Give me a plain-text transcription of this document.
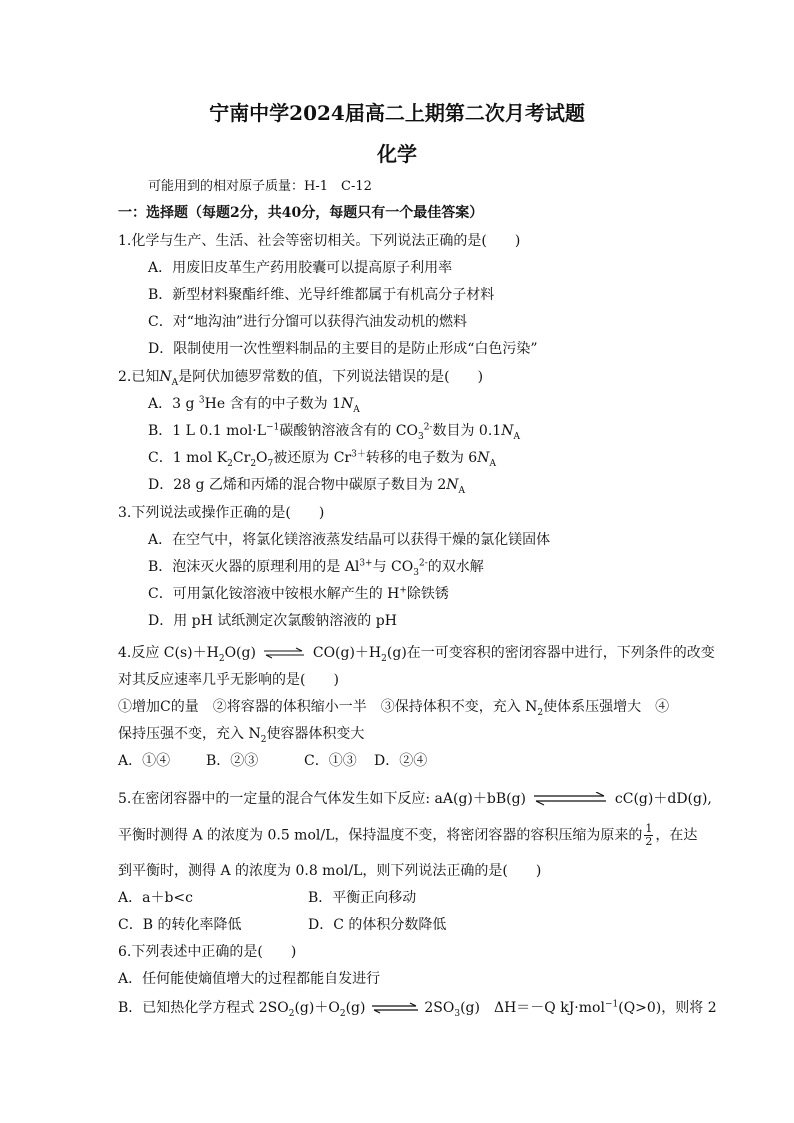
宁南中学2024届高二上期第二次月考试题
化学
可能用到的相对原子质量：H-1　C-12
一：选择题（每题2分，共40分，每题只有一个最佳答案）
1.化学与生产、生活、社会等密切相关。下列说法正确的是(　　)
A．用废旧皮革生产药用胶囊可以提高原子利用率
B．新型材料聚酯纤维、光导纤维都属于有机高分子材料
C．对“地沟油”进行分馏可以获得汽油发动机的燃料
D．限制使用一次性塑料制品的主要目的是防止形成“白色污染”
2.已知$N_A$是阿伏加德罗常数的值，下列说法错误的是(　　)
A．3 g $^3$He 含有的中子数为 $1N_A$
B．1 L 0.1 $mol\cdot L^{-1}$碳酸钠溶液含有的 $CO_3^{2-}$数目为 $0.1N_A$
C．1 mol $K_2Cr_2O_7$被还原为 $Cr^{3+}$转移的电子数为 $6N_A$
D．28 g 乙烯和丙烯的混合物中碳原子数目为 $2N_A$
3.下列说法或操作正确的是(　　)
A．在空气中，将氯化镁溶液蒸发结晶可以获得干燥的氯化镁固体
B．泡沫灭火器的原理利用的是 $Al^{3+}$与 $CO_3^{2-}$的双水解
C．可用氯化铵溶液中铵根水解产生的 H+除铁锈
D．用 pH 试纸测定次氯酸钠溶液的 pH
4.反应 $C(s)+H_2O(g)$ ⇌ $CO(g)+H_2(g)$在一可变容积的密闭容器中进行，下列条件的改变
对其反应速率几乎无影响的是(　　)
①增加C的量　②将容器的体积缩小一半　③保持体积不变，充入 $N_2$使体系压强增大　④
保持压强不变，充入 $N_2$使容器体积变大
A．①④	B．②③	C．①③ D．②④
5.在密闭容器中的一定量的混合气体发生如下反应: aA(g)＋bB(g)	cC(g)＋dD(g),
平衡时测得 A 的浓度为 0.5 mol/L，保持温度不变，将密闭容器的容积压缩为原来的 $\frac{1}{2}$ ，在达
到平衡时，测得 A 的浓度为 0.8 mol/L，则下列说法正确的是(　　)
A．a＋b<c	B．平衡正向移动
C．B 的转化率降低	D．C 的体积分数降低
6.下列表述中正确的是(　　)
A．任何能使熵值增大的过程都能自发进行
B．已知热化学方程式 $2SO_2(g)+O_2(g)$ ⇌ $2SO_3(g)$　ΔH＝－Q kJ·mol$^{-1}$(Q>0)，则将 2
